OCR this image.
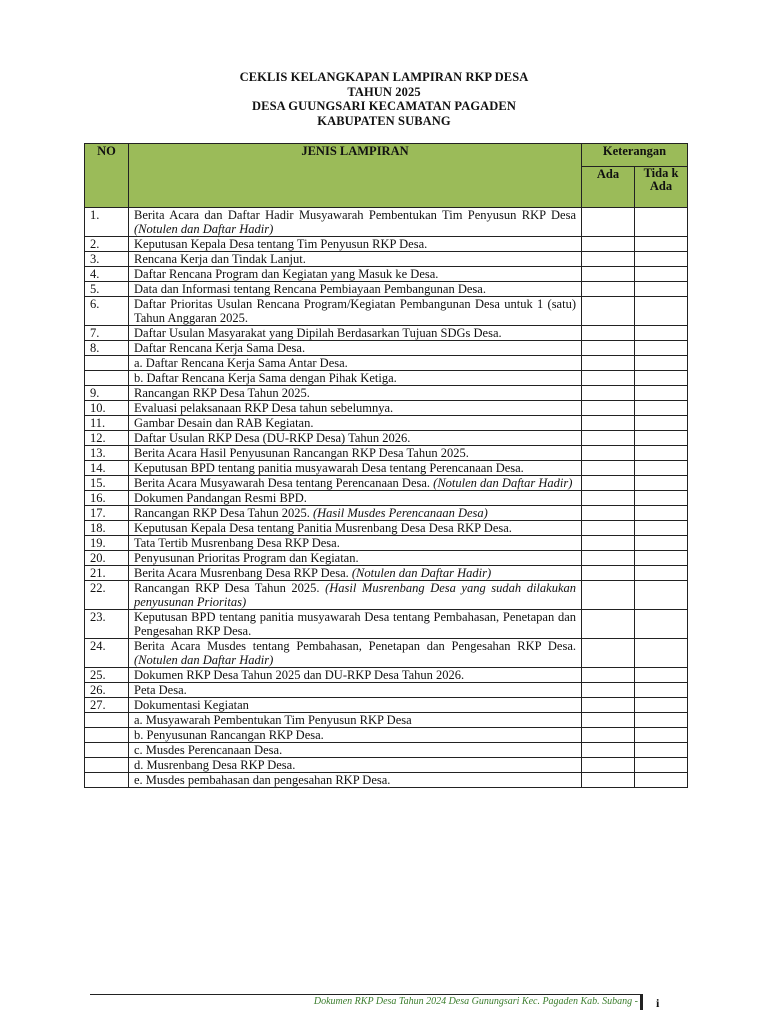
CEKLIS KELANGKAPAN LAMPIRAN RKP DESA
TAHUN 2025
DESA GUUNGSARI KECAMATAN PAGADEN
KABUPATEN SUBANG
NO	JENIS LAMPIRAN	Keterangan	
		Ada	Tida k Ada
1.	Berita Acara dan Daftar Hadir Musyawarah Pembentukan Tim Penyusun RKP Desa (Notulen dan Daftar Hadir)		
2.	Keputusan Kepala Desa tentang Tim Penyusun RKP Desa.		
3.	Rencana Kerja dan Tindak Lanjut.		
4.	Daftar Rencana Program dan Kegiatan yang Masuk ke Desa.		
5.	Data dan Informasi tentang Rencana Pembiayaan Pembangunan Desa.		
6.	Daftar Prioritas Usulan Rencana Program/Kegiatan Pembangunan Desa untuk 1 (satu) Tahun Anggaran 2025.		
7.	Daftar Usulan Masyarakat yang Dipilah Berdasarkan Tujuan SDGs Desa.		
8.	Daftar Rencana Kerja Sama Desa.		
	a. Daftar Rencana Kerja Sama Antar Desa.		
	b. Daftar Rencana Kerja Sama dengan Pihak Ketiga.		
9.	Rancangan RKP Desa Tahun 2025.		
10.	Evaluasi pelaksanaan RKP Desa tahun sebelumnya.		
11.	Gambar Desain dan RAB Kegiatan.		
12.	Daftar Usulan RKP Desa (DU-RKP Desa) Tahun 2026.		
13.	Berita Acara Hasil Penyusunan Rancangan RKP Desa Tahun 2025.		
14.	Keputusan BPD tentang panitia musyawarah Desa tentang Perencanaan Desa.		
15.	Berita Acara Musyawarah Desa tentang Perencanaan Desa. (Notulen dan Daftar Hadir)		
16.	Dokumen Pandangan Resmi BPD.		
17.	Rancangan RKP Desa Tahun 2025. (Hasil Musdes Perencanaan Desa)		
18.	Keputusan Kepala Desa tentang Panitia Musrenbang Desa Desa RKP Desa.		
19.	Tata Tertib Musrenbang Desa RKP Desa.		
20.	Penyusunan Prioritas Program dan Kegiatan.		
21.	Berita Acara Musrenbang Desa RKP Desa. (Notulen dan Daftar Hadir)		
22.	Rancangan RKP Desa Tahun 2025. (Hasil Musrenbang Desa yang sudah dilakukan penyusunan Prioritas)		
23.	Keputusan BPD tentang panitia musyawarah Desa tentang Pembahasan, Penetapan dan Pengesahan RKP Desa.		
24.	Berita Acara Musdes tentang Pembahasan, Penetapan dan Pengesahan RKP Desa. (Notulen dan Daftar Hadir)		
25.	Dokumen RKP Desa Tahun 2025 dan DU-RKP Desa Tahun 2026.		
26.	Peta Desa.		
27.	Dokumentasi Kegiatan		
	a. Musyawarah Pembentukan Tim Penyusun RKP Desa		
	b. Penyusunan Rancangan RKP Desa.		
	c. Musdes Perencanaan Desa.		
	d. Musrenbang Desa RKP Desa.		
	e. Musdes pembahasan dan pengesahan RKP Desa.		
Dokumen RKP Desa Tahun 2024 Desa Gunungsari Kec. Pagaden Kab. Subang - i
